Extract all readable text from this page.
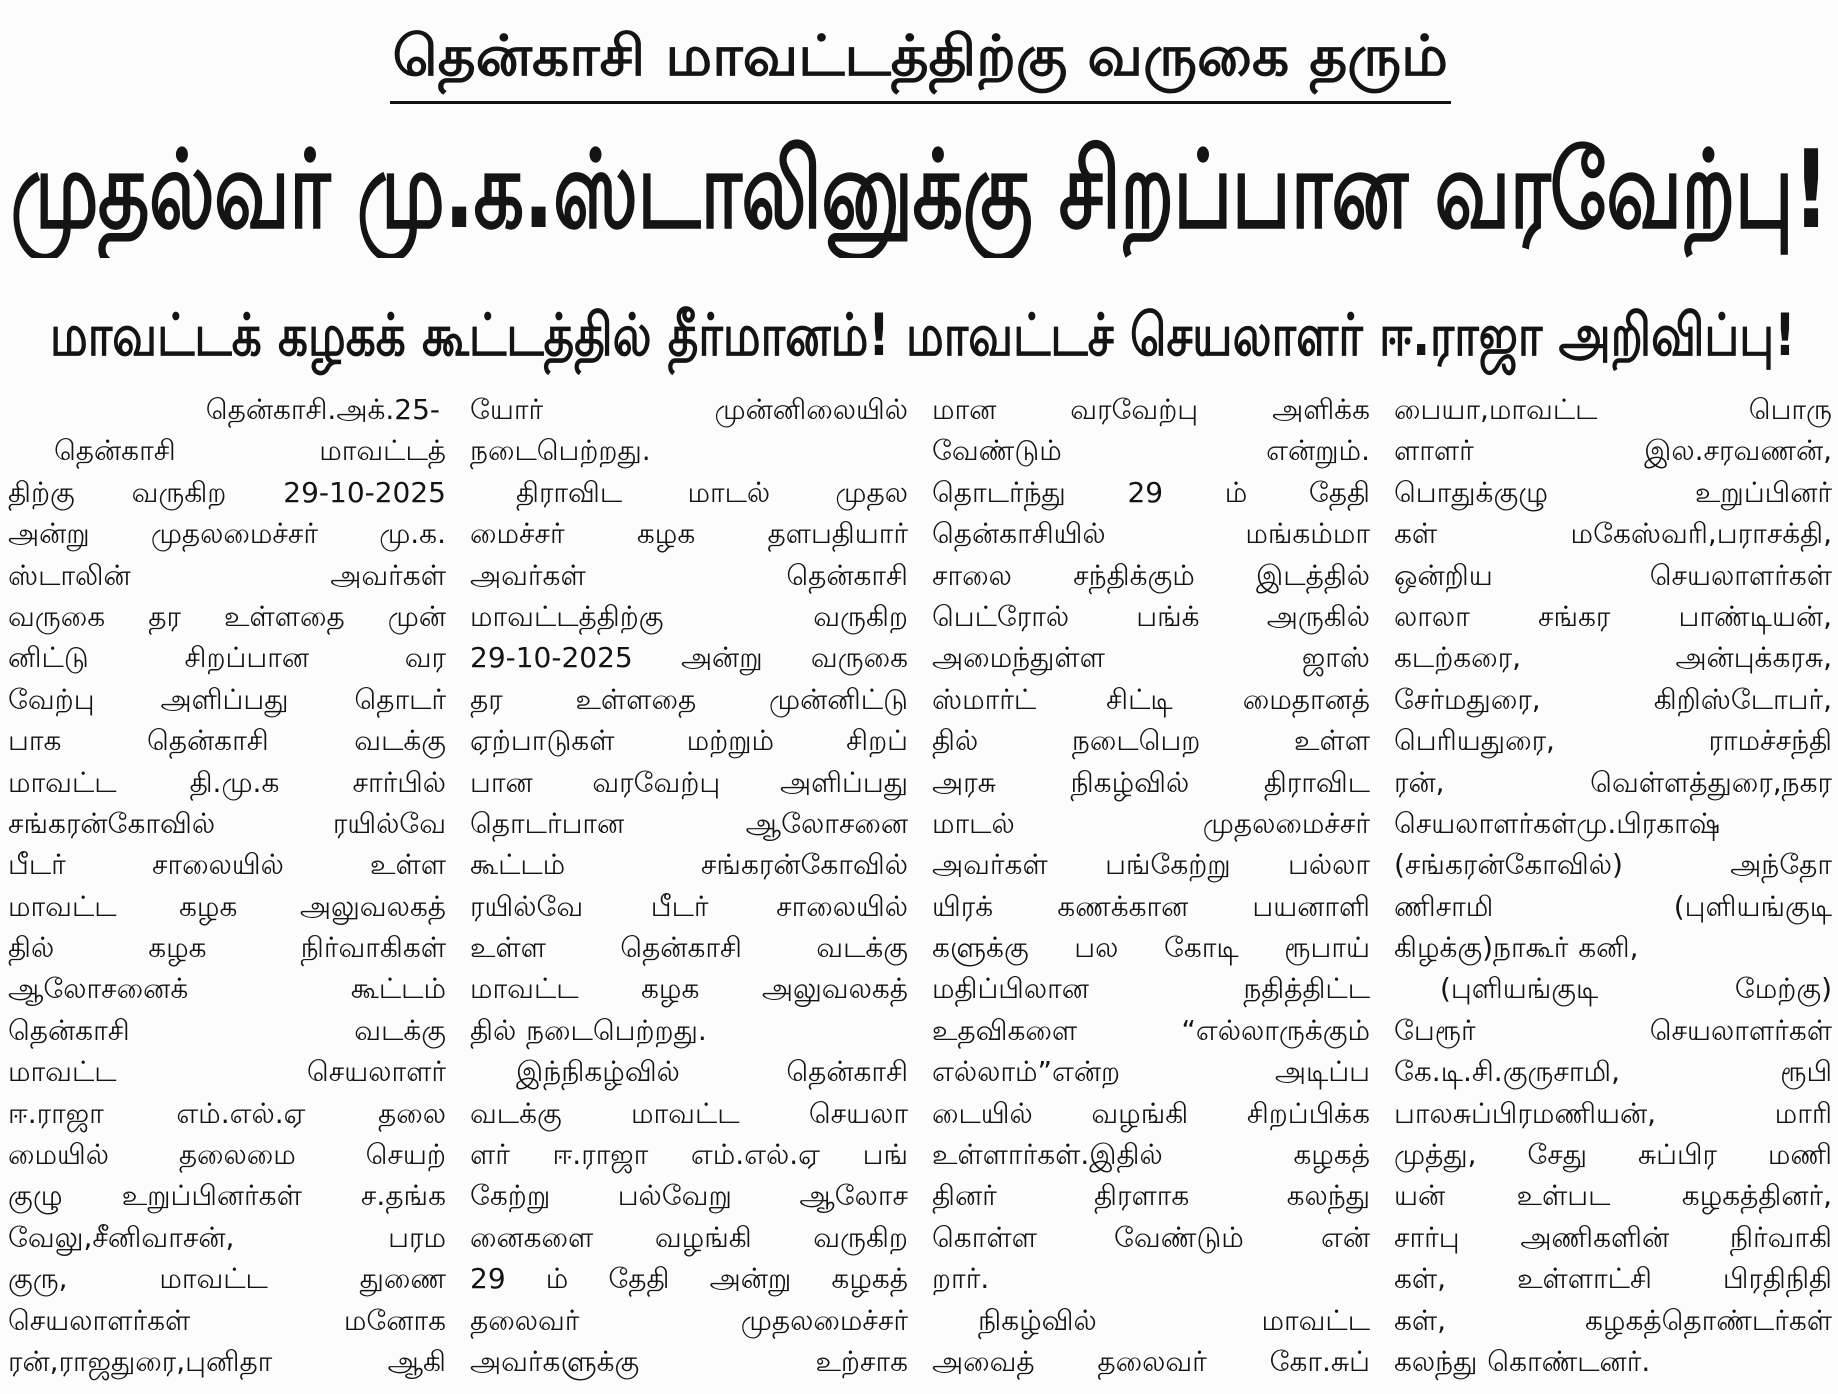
தென்காசி மாவட்டத்திற்கு வருகை தரும்
முதல்வர் மு.க.ஸ்டாலினுக்கு சிறப்பான வரவேற்பு!
மாவட்டக் கழகக் கூட்டத்தில் தீர்மானம்! மாவட்டச் செயலாளர் ஈ.ராஜா அறிவிப்பு!
தென்காசி.அக்.25-
தென்காசி மாவட்டத்
திற்கு வருகிற 29-10-2025
அன்று முதலமைச்சர் மு.க.
ஸ்டாலின் அவர்கள்
வருகை தர உள்ளதை முன்
னிட்டு சிறப்பான வர
வேற்பு அளிப்பது தொடர்
பாக தென்காசி வடக்கு
மாவட்ட தி.மு.க சார்பில்
சங்கரன்கோவில் ரயில்வே
பீடர் சாலையில் உள்ள
மாவட்ட கழக அலுவலகத்
தில் கழக நிர்வாகிகள்
ஆலோசனைக் கூட்டம்
தென்காசி வடக்கு
மாவட்ட செயலாளர்
ஈ.ராஜா எம்.எல்.ஏ தலை
மையில் தலைமை செயற்
குழு உறுப்பினர்கள் ச.தங்க
வேலு,சீனிவாசன், பரம
குரு, மாவட்ட துணை
செயலாளர்கள் மனோக
ரன்,ராஜதுரை,புனிதா ஆகி
யோர் முன்னிலையில்
நடைபெற்றது.
திராவிட மாடல் முதல
மைச்சர் கழக தளபதியார்
அவர்கள் தென்காசி
மாவட்டத்திற்கு வருகிற
29-10-2025 அன்று வருகை
தர உள்ளதை முன்னிட்டு
ஏற்பாடுகள் மற்றும் சிறப்
பான வரவேற்பு அளிப்பது
தொடர்பான ஆலோசனை
கூட்டம் சங்கரன்கோவில்
ரயில்வே பீடர் சாலையில்
உள்ள தென்காசி வடக்கு
மாவட்ட கழக அலுவலகத்
தில் நடைபெற்றது.
இந்நிகழ்வில் தென்காசி
வடக்கு மாவட்ட செயலா
ளர் ஈ.ராஜா எம்.எல்.ஏ பங்
கேற்று பல்வேறு ஆலோச
னைகளை வழங்கி வருகிற
29 ம் தேதி அன்று கழகத்
தலைவர் முதலமைச்சர்
அவர்களுக்கு உற்சாக
மான வரவேற்பு அளிக்க
வேண்டும் என்றும்.
தொடர்ந்து 29 ம் தேதி
தென்காசியில் மங்கம்மா
சாலை சந்திக்கும் இடத்தில்
பெட்ரோல் பங்க் அருகில்
அமைந்துள்ள ஜாஸ்
ஸ்மார்ட் சிட்டி மைதானத்
தில் நடைபெற உள்ள
அரசு நிகழ்வில் திராவிட
மாடல் முதலமைச்சர்
அவர்கள் பங்கேற்று பல்லா
யிரக் கணக்கான பயனாளி
களுக்கு பல கோடி ரூபாய்
மதிப்பிலான நதித்திட்ட
உதவிகளை “எல்லாருக்கும்
எல்லாம்”என்ற அடிப்ப
டையில் வழங்கி சிறப்பிக்க
உள்ளார்கள்.இதில் கழகத்
தினர் திரளாக கலந்து
கொள்ள வேண்டும் என்
றார்.
நிகழ்வில் மாவட்ட
அவைத் தலைவர் கோ.சுப்
பையா,மாவட்ட பொரு
ளாளர் இல.சரவணன்,
பொதுக்குழு உறுப்பினர்
கள் மகேஸ்வரி,பராசக்தி,
ஒன்றிய செயலாளர்கள்
லாலா சங்கர பாண்டியன்,
கடற்கரை, அன்புக்கரசு,
சேர்மதுரை, கிறிஸ்டோபர்,
பெரியதுரை, ராமச்சந்தி
ரன், வெள்ளத்துரை,நகர
செயலாளர்கள்மு.பிரகாஷ்
(சங்கரன்கோவில்) அந்தோ
ணிசாமி (புளியங்குடி
கிழக்கு)நாகூர் கனி,
(புளியங்குடி மேற்கு)
பேரூர் செயலாளர்கள்
கே.டி.சி.குருசாமி, ரூபி
பாலசுப்பிரமணியன், மாரி
முத்து, சேது சுப்பிர மணி
யன் உள்பட கழகத்தினர்,
சார்பு அணிகளின் நிர்வாகி
கள், உள்ளாட்சி பிரதிநிதி
கள், கழகத்தொண்டர்கள்
கலந்து கொண்டனர்.
